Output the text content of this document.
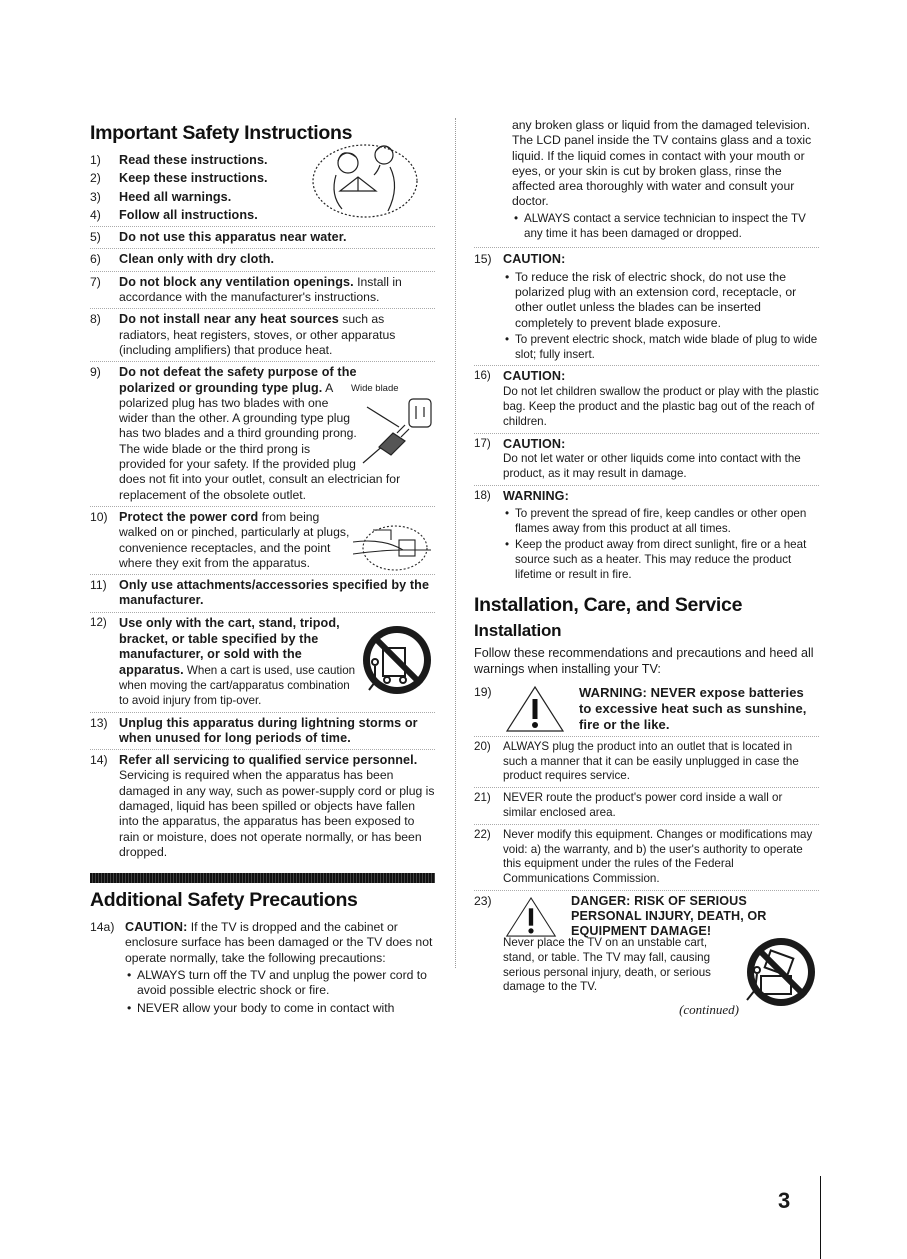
Important Safety Instructions
1) Read these instructions.
2) Keep these instructions.
3) Heed all warnings.
4) Follow all instructions.
5) Do not use this apparatus near water.
6) Clean only with dry cloth.
7) Do not block any ventilation openings. Install in accordance with the manufacturer's instructions.
8) Do not install near any heat sources such as radiators, heat registers, stoves, or other apparatus (including amplifiers) that produce heat.
9)
Wide blade
Do not defeat the safety purpose of the polarized or grounding type plug. A polarized plug has two blades with one wider than the other. A grounding type plug has two blades and a third grounding prong. The wide blade or the third prong is provided for your safety. If the provided plug does not fit into your outlet, consult an electrician for replacement of the obsolete outlet.
10) Protect the power cord from being walked on or pinched, particularly at plugs, convenience receptacles, and the point where they exit from the apparatus.
11) Only use attachments/accessories specified by the manufacturer.
12) Use only with the cart, stand, tripod, bracket, or table specified by the manufacturer, or sold with the apparatus. When a cart is used, use caution when moving the cart/apparatus combination to avoid injury from tip-over.
13) Unplug this apparatus during lightning storms or when unused for long periods of time.
14) Refer all servicing to qualified service personnel. Servicing is required when the apparatus has been damaged in any way, such as power-supply cord or plug is damaged, liquid has been spilled or objects have fallen into the apparatus, the apparatus has been exposed to rain or moisture, does not operate normally, or has been dropped.
Additional Safety Precautions
14a) CAUTION: If the TV is dropped and the cabinet or enclosure surface has been damaged or the TV does not operate normally, take the following precautions:
• ALWAYS turn off the TV and unplug the power cord to avoid possible electric shock or fire.
• NEVER allow your body to come in contact with
any broken glass or liquid from the damaged television. The LCD panel inside the TV contains glass and a toxic liquid. If the liquid comes in contact with your mouth or eyes, or your skin is cut by broken glass, rinse the affected area thoroughly with water and consult your doctor.
• ALWAYS contact a service technician to inspect the TV any time it has been damaged or dropped.
15) CAUTION:
• To reduce the risk of electric shock, do not use the polarized plug with an extension cord, receptacle, or other outlet unless the blades can be inserted completely to prevent blade exposure.
• To prevent electric shock, match wide blade of plug to wide slot; fully insert.
16) CAUTION:
Do not let children swallow the product or play with the plastic bag. Keep the product and the plastic bag out of the reach of children.
17) CAUTION:
Do not let water or other liquids come into contact with the product, as it may result in damage.
18) WARNING:
• To prevent the spread of fire, keep candles or other open flames away from this product at all times.
• Keep the product away from direct sunlight, fire or a heat source such as a heater. This may reduce the product lifetime or result in fire.
Installation, Care, and Service
Installation
Follow these recommendations and precautions and heed all warnings when installing your TV:
19)	WARNING: NEVER expose batteries to excessive heat such as sunshine, fire or the like.
20) ALWAYS plug the product into an outlet that is located in such a manner that it can be easily unplugged in case the product requires service.
21) NEVER route the product's power cord inside a wall or similar enclosed area.
22) Never modify this equipment. Changes or modifications may void: a) the warranty, and b) the user's authority to operate this equipment under the rules of the Federal Communications Commission.
23)	DANGER: RISK OF SERIOUS PERSONAL INJURY, DEATH, OR EQUIPMENT DAMAGE!
Never place the TV on an unstable cart, stand, or table. The TV may fall, causing serious personal injury, death, or serious damage to the TV.
(continued)
3
